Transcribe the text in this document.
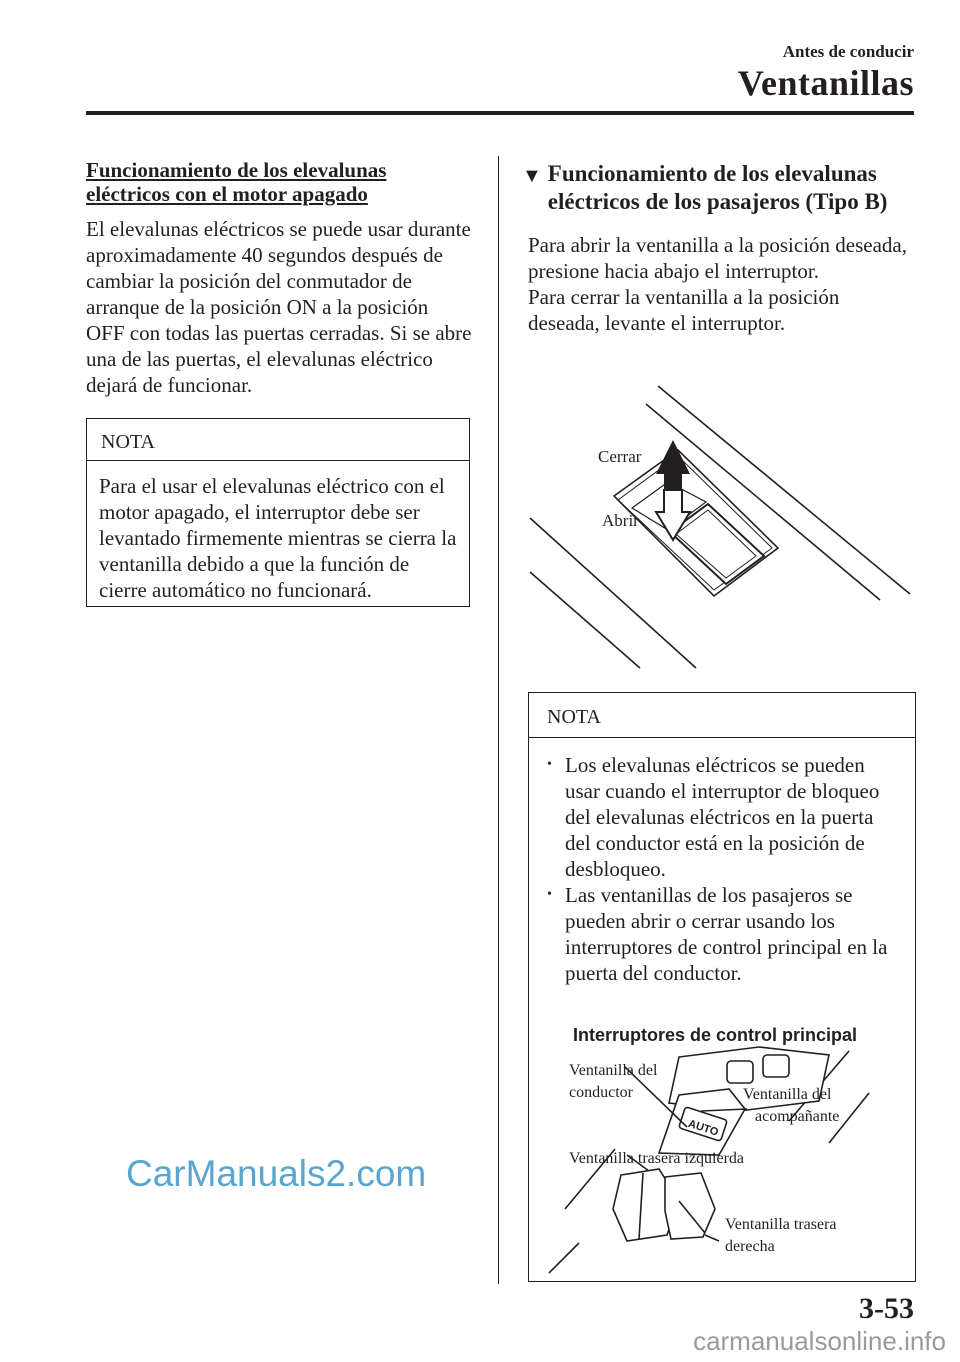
Antes de conducir
Ventanillas
Funcionamiento de los elevalunas
eléctricos con el motor apagado

El elevalunas eléctricos se puede usar durante aproximadamente 40 segundos después de cambiar la posición del conmutador de arranque de la posición ON a la posición OFF con todas las puertas cerradas. Si se abre una de las puertas, el elevalunas eléctrico dejará de funcionar.

NOTA
Para el usar el elevalunas eléctrico con el motor apagado, el interruptor debe ser levantado firmemente mientras se cierra la ventanilla debido a que la función de cierre automático no funcionará.
▼ Funcionamiento de los elevalunas eléctricos de los pasajeros (Tipo B)

Para abrir la ventanilla a la posición deseada, presione hacia abajo el interruptor.

Para cerrar la ventanilla a la posición deseada, levante el interruptor.

Cerrar
Abrir
NOTA
• Los elevalunas eléctricos se pueden usar cuando el interruptor de bloqueo del elevalunas eléctricos en la puerta del conductor está en la posición de desbloqueo.
• Las ventanillas de los pasajeros se pueden abrir o cerrar usando los interruptores de control principal en la puerta del conductor.
AUTO
Interruptores de control principal
Ventanilla del
conductor	Ventanilla del
acompañante
Ventanilla trasera izquierda
Ventanilla trasera
derecha
3-53
CarManuals2.com
carmanualsonline.info
